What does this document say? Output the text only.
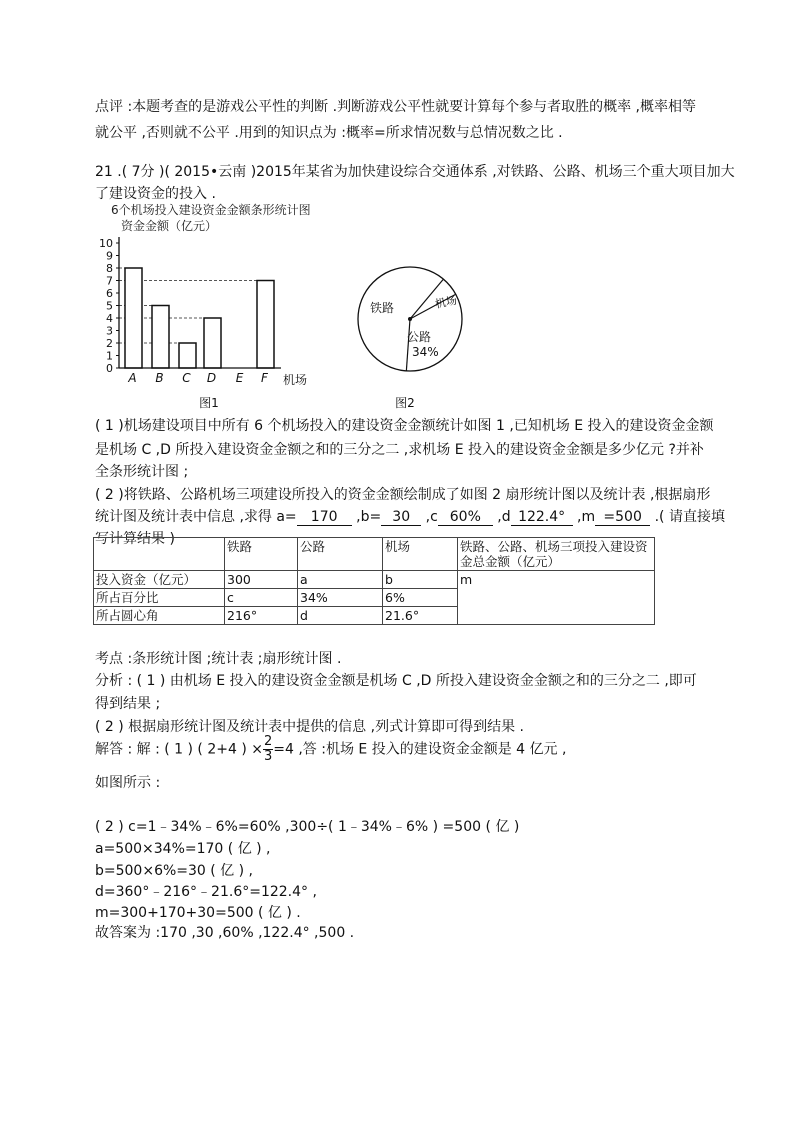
点评 :本题考查的是游戏公平性的判断 .判断游戏公平性就要计算每个参与者取胜的概率 ,概率相等
就公平 ,否则就不公平 .用到的知识点为 :概率=所求情况数与总情况数之比 .
21 .( 7分 )( 2015•云南 )2015年某省为加快建设综合交通体系 ,对铁路、公路、机场三个重大项目加大
了建设资金的投入 .
6个机场投入建设资金金额条形统计图
资金金额（亿元）
0
1
2
3
4
5
6
7
8
9
10
A B C D E F 机场
图1
铁路	机场
公路
34%
图2
( 1 )机场建设项目中所有 6 个机场投入的建设资金金额统计如图 1 ,已知机场 E 投入的建设资金金额
是机场 C ,D 所投入建设资金金额之和的三分之二 ,求机场 E 投入的建设资金金额是多少亿元 ?并补
全条形统计图 ;
( 2 )将铁路、公路机场三项建设所投入的资金金额绘制成了如图 2 扇形统计图以及统计表 ,根据扇形
统计图及统计表中信息 ,求得 a= 170 ,b= 30 ,c 60% ,d 122.4° ,m =500 .( 请直接填
写计算结果 )
		铁路	公路	机场	铁路、公路、机场三项投入建设资金总金额（亿元）
投入资金（亿元）	300	a	b	m
所占百分比	c	34%	6%	
所占圆心角	216°	d	21.6°	
考点 :条形统计图 ;统计表 ;扇形统计图 .
分析 : ( 1 ) 由机场 E 投入的建设资金金额是机场 C ,D 所投入建设资金金额之和的三分之二 ,即可
得到结果 ;
( 2 ) 根据扇形统计图及统计表中提供的信息 ,列式计算即可得到结果 .
解答 : 解 : ( 1 ) ( 2+4 ) × $\frac{2}{3} =4$ ,答 :机场 E 投入的建设资金金额是 4 亿元 ,
如图所示 :
( 2 ) c=1﹣34%﹣6%=60% ,300÷( 1﹣34%﹣6% ) =500 ( 亿 )
a=500×34%=170 ( 亿 ) ,
b=500×6%=30 ( 亿 ) ,
d=360°﹣216°﹣21.6°=122.4° ,
m=300+170+30=500 ( 亿 ) .
故答案为 :170 ,30 ,60% ,122.4° ,500 .
